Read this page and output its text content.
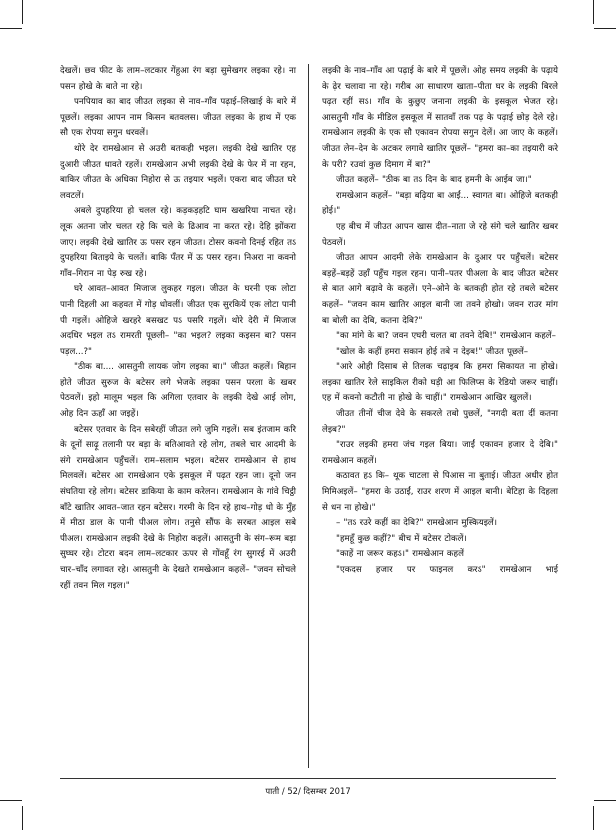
देखलें। छव फीट के लाम–लटकार गेंहुआ रंग बड़ा सुमेखगर लइका रहे। ना पसन होखे के बाते ना रहे।

पनपियाव का बाद जीउत लइका से नाव–गाँव पढ़ाई–लिखाई के बारे में पूछलें। लइका आपन नाम किसन बतवलस। जीउत लइका के हाथ में एक सौ एक रोपया सगुन धरवलें।

थोरे देर रामखेआन से अउरी बतकही भइल। लइकी देखे खातिर एह दुआरी जीउत धावते रहलें। रामखेआन अभी लइकी देखे के फेर में ना रहन, बाकिर जीउत के अधिका निहोरा से ऊ तइयार भइलें। एकरा बाद जीउत घरे लवटलें।

अबले दुपहरिया हो चलल रहे। कड़कड़हटि घाम खखरिया नाचत रहे। लूक अतना जोर चलत रहे कि चले के ढिआव ना करत रहे। देहि झोंकरा जाए। लइकी देखे खातिर ऊ पसर रहन जीउत। टोसर कवनो दिनई रहित तऽ दुपहरिया बिताइये के चलतें। बाकि पँतर में ऊ पसर रहन। निअरा ना कवनो गाँव–गिरान ना पेड़ रुख रहे।

घरे आवत–आवत मिजाज लुकहर गइल। जीउत के घरनी एक लोटा पानी दिहली आ कहवत में गोड़ धोवलीं। जीउत एक सुरकियें एक लोटा पानी पी गइलें। ओहिजे खरहरे बसखट पऽ पसरि गइलें। थोरे देरी में मिजाज अदधिर भइल तऽ रामरती पूछली– "का भइल? लइका कइसन बा? पसन पड़ल...?"

"ठीक बा.... आसतुनी लायक जोग लइका बा।" जीउत कहलें। बिहान होते जीउत सुरुज के बटेसर लगे भेजके लइका पसन परला के खबर पेठवलें। इहो मालूम भइल कि अगिला एतवार के लइकी देखे आई लोग, ओह दिन ऊहाँ आ जइहें।

बटेसर एतवार के दिन सबेरहीं जीउत लगे जुमि गइलें। सब इंतजाम करि के दूनों साढ़ू तलानी पर बड़ा के बतिआवते रहे लोग, तबले चार आदमी के संगे रामखेआन पहुँचलें। राम–सलाम भइल। बटेसर रामखेआन से हाथ मिलवलें। बटेसर आ रामखेआन एके इसकूल में पढ़त रहन जा। दूनो जन संघतिया रहे लोग। बटेसर डाकिया के काम करेलन। रामखेआन के गांवे चिट्ठी बाँटे खातिर आवत–जात रहन बटेसर। गरमी के दिन रहे हाथ–गोड़ धो के मुँह में मीठा डाल के पानी पीअल लोग। तनुसे सौंफ के सरबत आइल सबे पीअल। रामखेआन लइकी देखे के निहोरा कइलें। आसतुनी के संग–रूम बड़ा सुघ्घर रहे। टोटरा बदन लाम–लटकार ऊपर से गोंवहूँ रंग सुगरई में अउरी चार–चाँद लगावत रहे। आसतुनी के देखते रामखेआन कहलें– "जवन सोचले रहीं तवन मिल गइल।"

लइकी के नाव–गाँव आ पढ़ाई के बारे में पूछलें। ओह समय लइकी के पढ़ाये के ढ़ेर चलावा ना रहे। गरीब आ साधारण खाता–पीता घर के लइकी बिरले पढ़त रहीं सऽ। गाँव के कुछुए जनाना लइकी के इसकूल भेजत रहे। आसतुनी गाँव के मीडिल इसकूल में सातवाँ तक पढ़ के पढ़ाई छोड़ देले रहे। रामखेआन लइकी के एक सौ एकावन रोपया सगुन देलें। आ जाए के कहलें। जीउत लेन–देन के अटकर लगावे खातिर पूछलें– "हमरा का–का तइयारी करे के परी? रउवां कुछ दिमाग में बा?"

जीउत कहलें– "ठीक बा तऽ दिन के बाद हमनी के आईब जा।"

रामखेआन कहलें– "बड़ा बढ़िया बा आईं... स्वागत बा। ओहिजे बतकही होई।"

एह बीच में जीउत आपन खास दीत–नाता जे रहे संगे चले खातिर खबर पेठवलें।

जीउत आपन आदमी लेके रामखेआन के दुआर पर पहुँचलें। बटेसर बड़हें–बड़हें उहाँ पहुँच गइल रहन। पानी–पतर पीअला के बाद जीउत बटेसर से बात आगे बढ़ावे के कहलें। एने–ओने के बतकही होत रहे तबले बटेसर कहलें– "जवन काम खातिर आइल बानी जा तवने होखो। जवन राउर मांग बा बोली का देबि, कतना देबि?"

"का मांगे के बा? जवन एघरी चलत बा तवने देबि!" रामखेआन कहलें–

"खोल के कहीं हमरा सकान होई तबे न देइब!" जीउत पूछलें–

"आरे ओही दिसाब से तिलक चढ़ाइब कि हमरा सिकायत ना होखे। लइका खातिर रेले साइकिल रीको घड़ी आ फिलिप्स के रेडियो जरूर चाहीं। एह में कवनो कटौती ना होखे के चाहीं।" रामखेआन आखिर खुललें।

जीउत तीनों चीज देवे के सकरले तबो पुछलें, "नगदी बता दीं कतना लेइब?"

"राउर लइकी हमरा जंच गइल बिया। जाईं एकावन हजार दे देबि।" रामखेआन कहलें।

कठावत हऽ कि– थूक चाटला से पिआस ना बुताई। जीउत अधीर होत मिमिअइलें– "हमरा के उठाईं, राउर शरण में आइल बानी। बेटिहा के दिहला से धन ना होखे।"

– "तऽ रउरे कहीं का देबि?" रामखेआन मुस्कियइलें।

"हमहूँ कुछ कहीं?" बीच में बटेसर टोकलें।

"काहें ना जरूर कहऽ।" रामखेआन कहलें

"एकदस हजार पर फाइनल करऽ" रामखेआन भाई

पाती / 52/ दिसम्बर 2017
